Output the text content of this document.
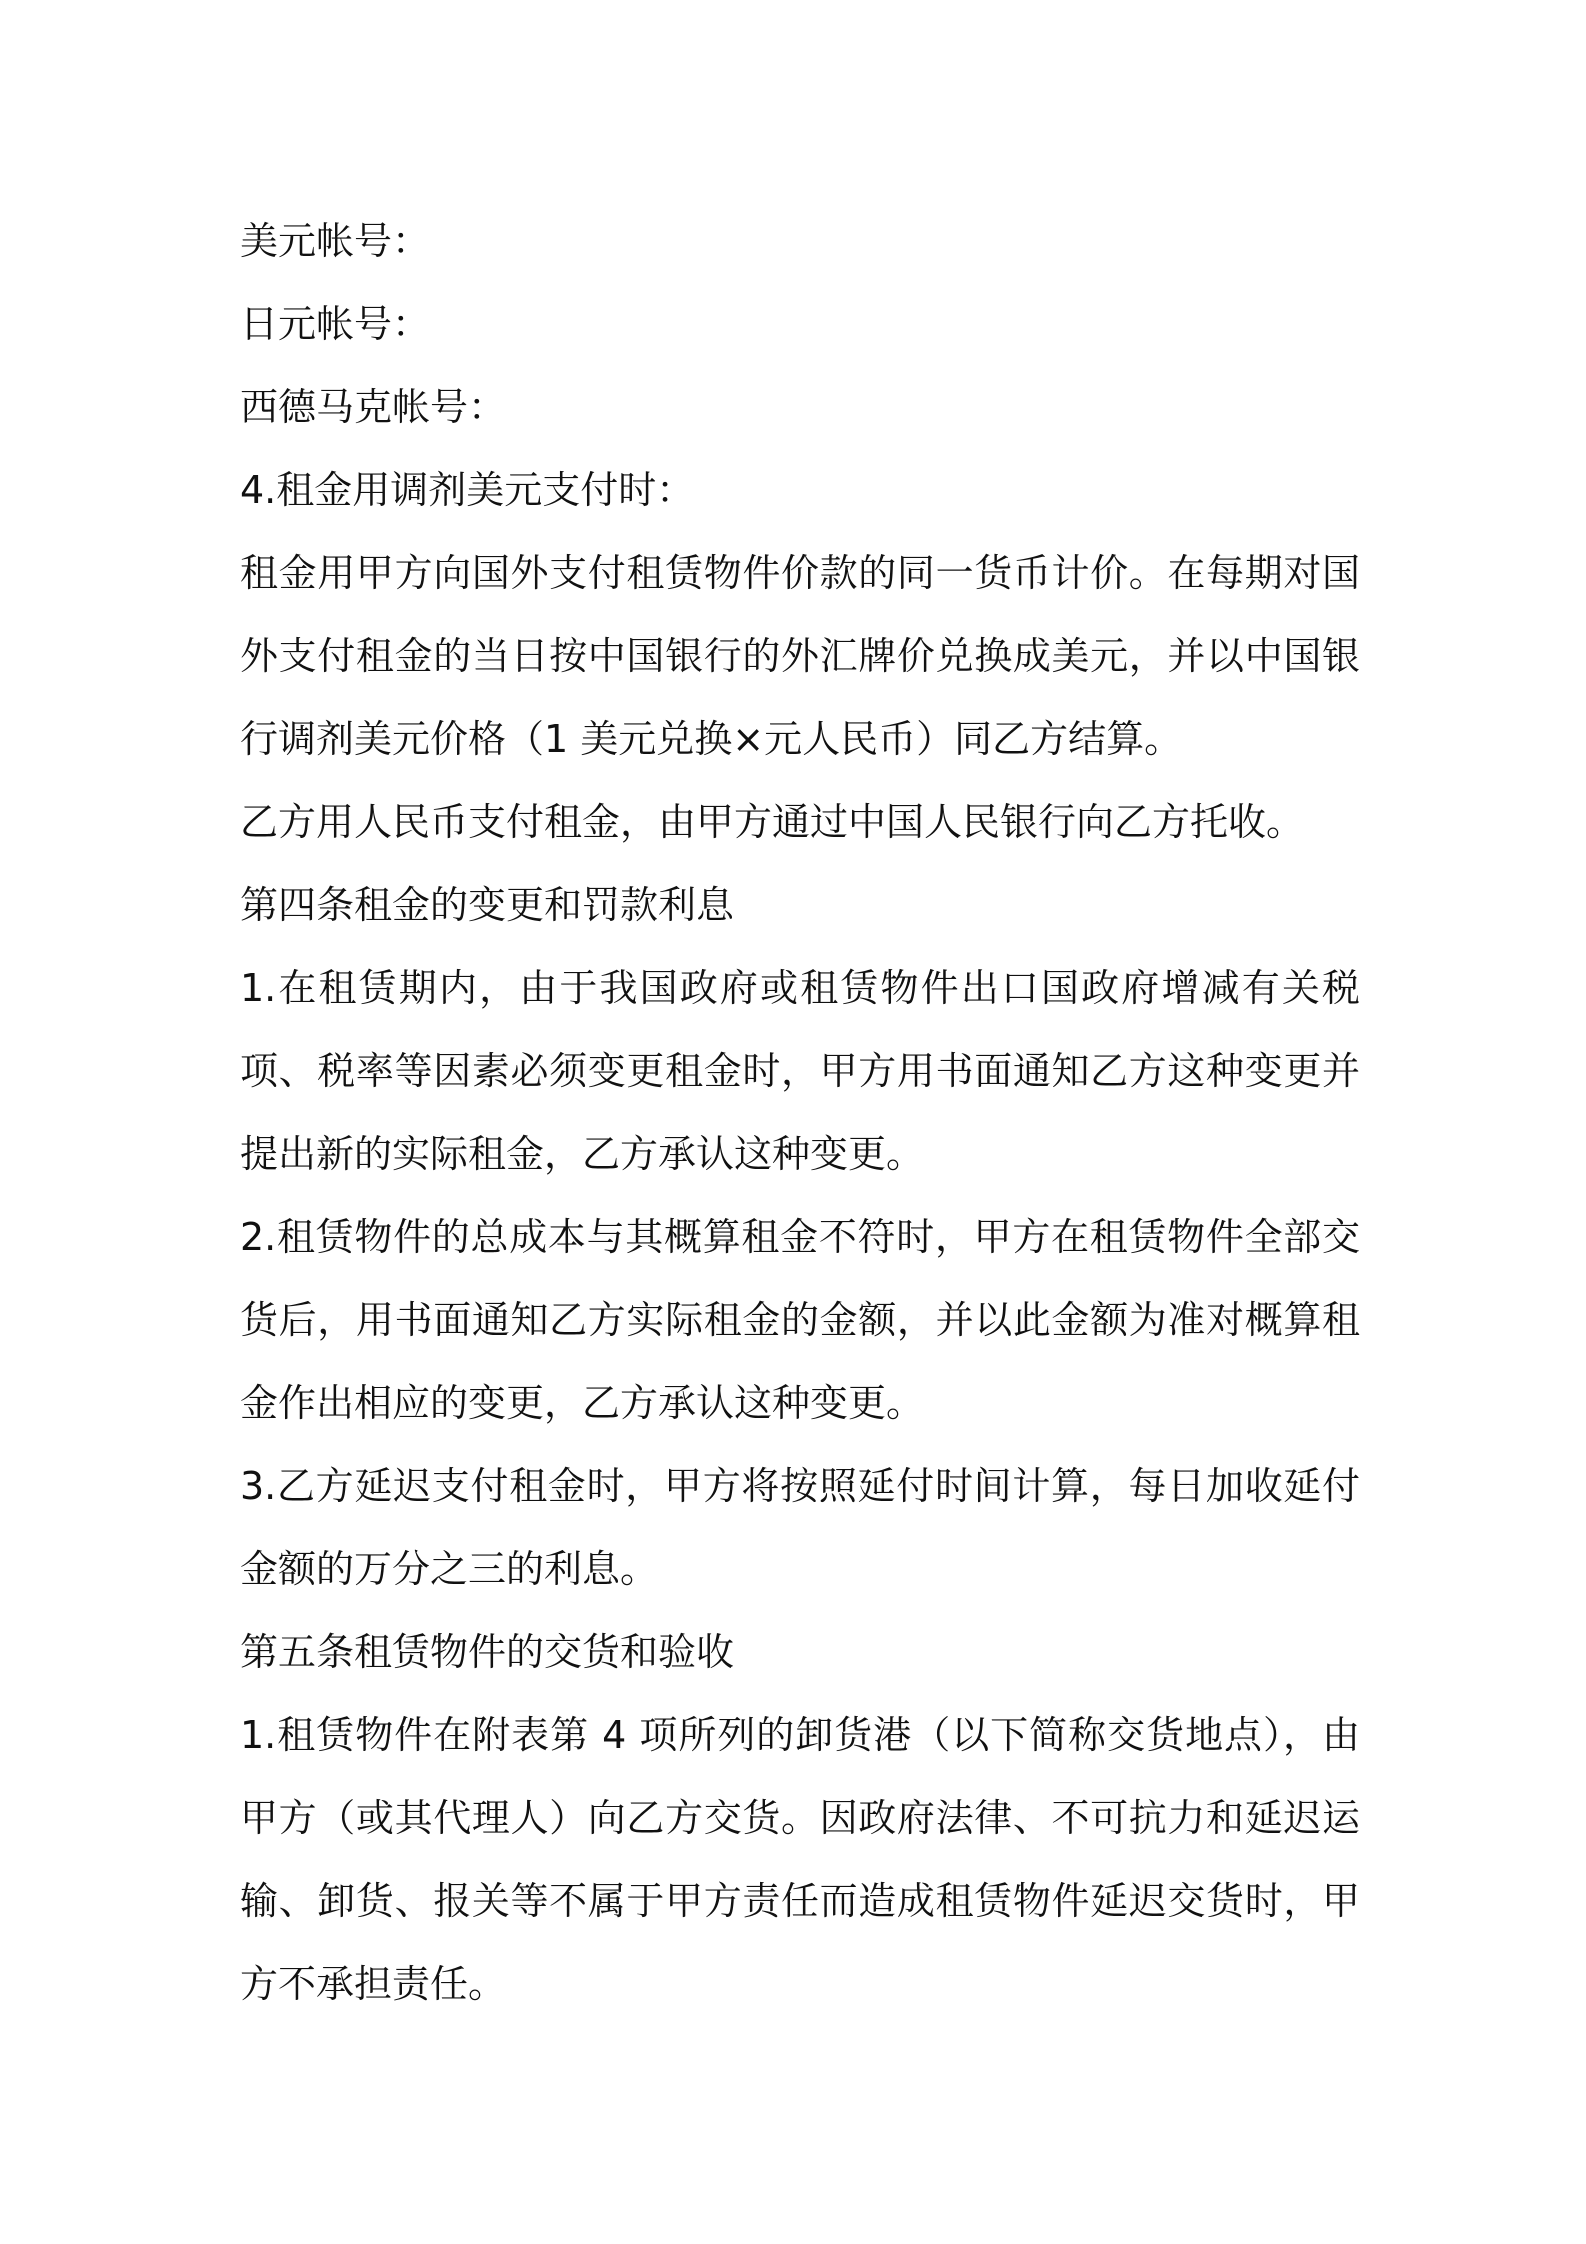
美元帐号：

日元帐号：

西德马克帐号：

4.租金用调剂美元支付时：

租金用甲方向国外支付租赁物件价款的同一货币计价。在每期对国外支付租金的当日按中国银行的外汇牌价兑换成美元，并以中国银行调剂美元价格（1 美元兑换×元人民币）同乙方结算。

乙方用人民币支付租金，由甲方通过中国人民银行向乙方托收。

第四条租金的变更和罚款利息

1.在租赁期内，由于我国政府或租赁物件出口国政府增减有关税项、税率等因素必须变更租金时，甲方用书面通知乙方这种变更并提出新的实际租金，乙方承认这种变更。

2.租赁物件的总成本与其概算租金不符时，甲方在租赁物件全部交货后，用书面通知乙方实际租金的金额，并以此金额为准对概算租金作出相应的变更，乙方承认这种变更。

3.乙方延迟支付租金时，甲方将按照延付时间计算，每日加收延付金额的万分之三的利息。

第五条租赁物件的交货和验收

1.租赁物件在附表第 4 项所列的卸货港（以下简称交货地点），由甲方（或其代理人）向乙方交货。因政府法律、不可抗力和延迟运输、卸货、报关等不属于甲方责任而造成租赁物件延迟交货时，甲方不承担责任。
